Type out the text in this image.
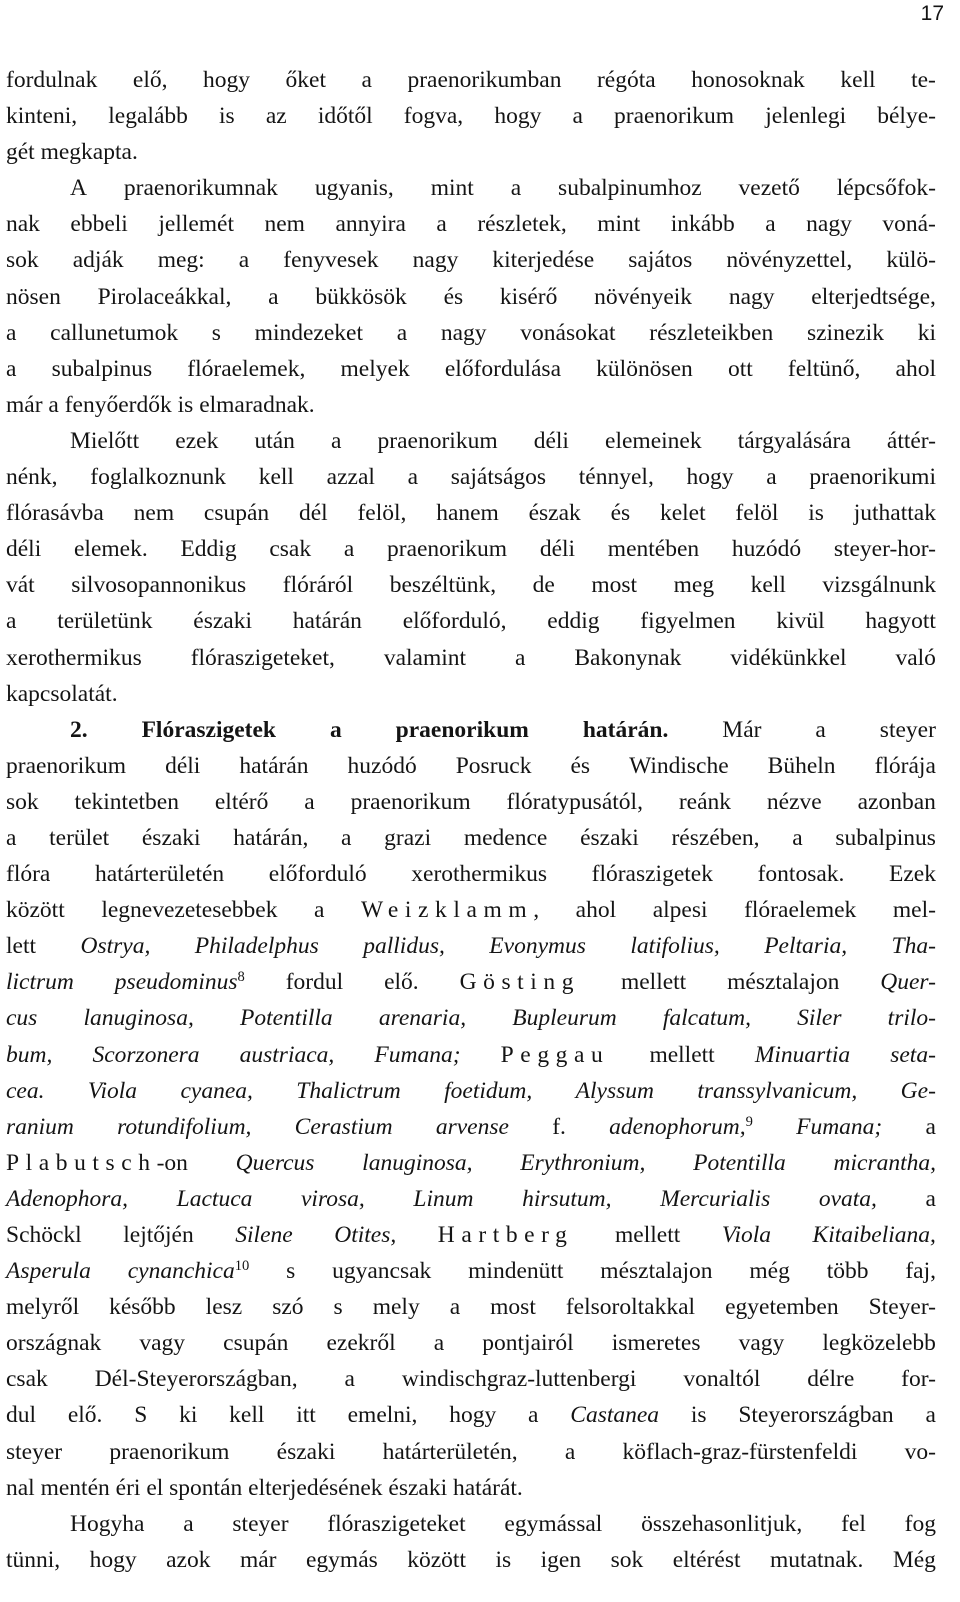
17
fordulnak elő, hogy őket a praenorikumban régóta honosoknak kell te-
kinteni, legalább is az időtől fogva, hogy a praenorikum jelenlegi bélye-
gét
megkapta.
A praenorikumnak ugyanis, mint a subalpinumhoz vezető lépcsőfok-
nak ebbeli jellemét nem annyira a részletek, mint inkább a nagy voná-
sok adják meg: a fenyvesek nagy kiterjedése sajátos növényzettel, külö-
nösen Pirolaceákkal, a bükkösök és kisérő növényeik nagy elterjedtsége,
a callunetumok s mindezeket a nagy vonásokat részleteikben szinezik ki
a subalpinus flóraelemek, melyek előfordulása különösen ott feltünő, ahol
már
a
fenyőerdők
is
elmaradnak.
Mielőtt ezek után a praenorikum déli elemeinek tárgyalására áttér-
nénk, foglalkoznunk kell azzal a sajátságos ténnyel, hogy a praenorikumi
flórasávba nem csupán dél felöl, hanem észak és kelet felöl is juthattak
déli elemek. Eddig csak a praenorikum déli mentében huzódó steyer-hor-
vát silvosopannonikus flóráról beszéltünk, de most meg kell vizsgálnunk
a területünk északi határán előforduló, eddig figyelmen kivül hagyott
xerothermikus flóraszigeteket, valamint a Bakonynak vidékünkkel való
kapcsolatát.
2. Flóraszigetek a praenorikum határán. Már a steyer
praenorikum déli határán huzódó Posruck és Windische Büheln flórája
sok tekintetben eltérő a praenorikum flóratypusától, reánk nézve azonban
a terület északi határán, a grazi medence északi részében, a subalpinus
flóra határterületén előforduló xerothermikus flóraszigetek fontosak. Ezek
között legnevezetesebbek a Weizklamm, ahol alpesi flóraelemek mel-
lett Ostrya, Philadelphus pallidus, Evonymus latifolius, Peltaria, Tha-
lictrum pseudominus$^8$ fordul elő. Gösting mellett mésztalajon Quer-
cus lanuginosa, Potentilla arenaria, Bupleurum falcatum, Siler trilo-
bum, Scorzonera austriaca, Fumana; Peggau mellett Minuartia seta-
cea. Viola cyanea, Thalictrum foetidum, Alyssum transsylvanicum, Ge-
ranium rotundifolium, Cerastium arvense f. adenophorum,$^9$ Fumana; a
Plabutsch-on Quercus lanuginosa, Erythronium, Potentilla micrantha,
Adenophora, Lactuca virosa, Linum hirsutum, Mercurialis ovata, a
Schöckl lejtőjén Silene Otites, Hartberg mellett Viola Kitaibeliana,
Asperula cynanchica$^{10}$ s ugyancsak mindenütt mésztalajon még több faj,
melyről később lesz szó s mely a most felsoroltakkal egyetemben Steyer-
országnak vagy csupán ezekről a pontjairól ismeretes vagy legközelebb
csak Dél-Steyerországban, a windischgraz-luttenbergi vonaltól délre for-
dul elő. S ki kell itt emelni, hogy a Castanea is Steyerországban a
steyer praenorikum északi határterületén, a köflach-graz-fürstenfeldi vo-
nal
mentén
éri
el
spontán
elterjedésének
északi
határát.
Hogyha a steyer flóraszigeteket egymással összehasonlitjuk, fel fog
tünni, hogy azok már egymás között is igen sok eltérést mutatnak. Még
